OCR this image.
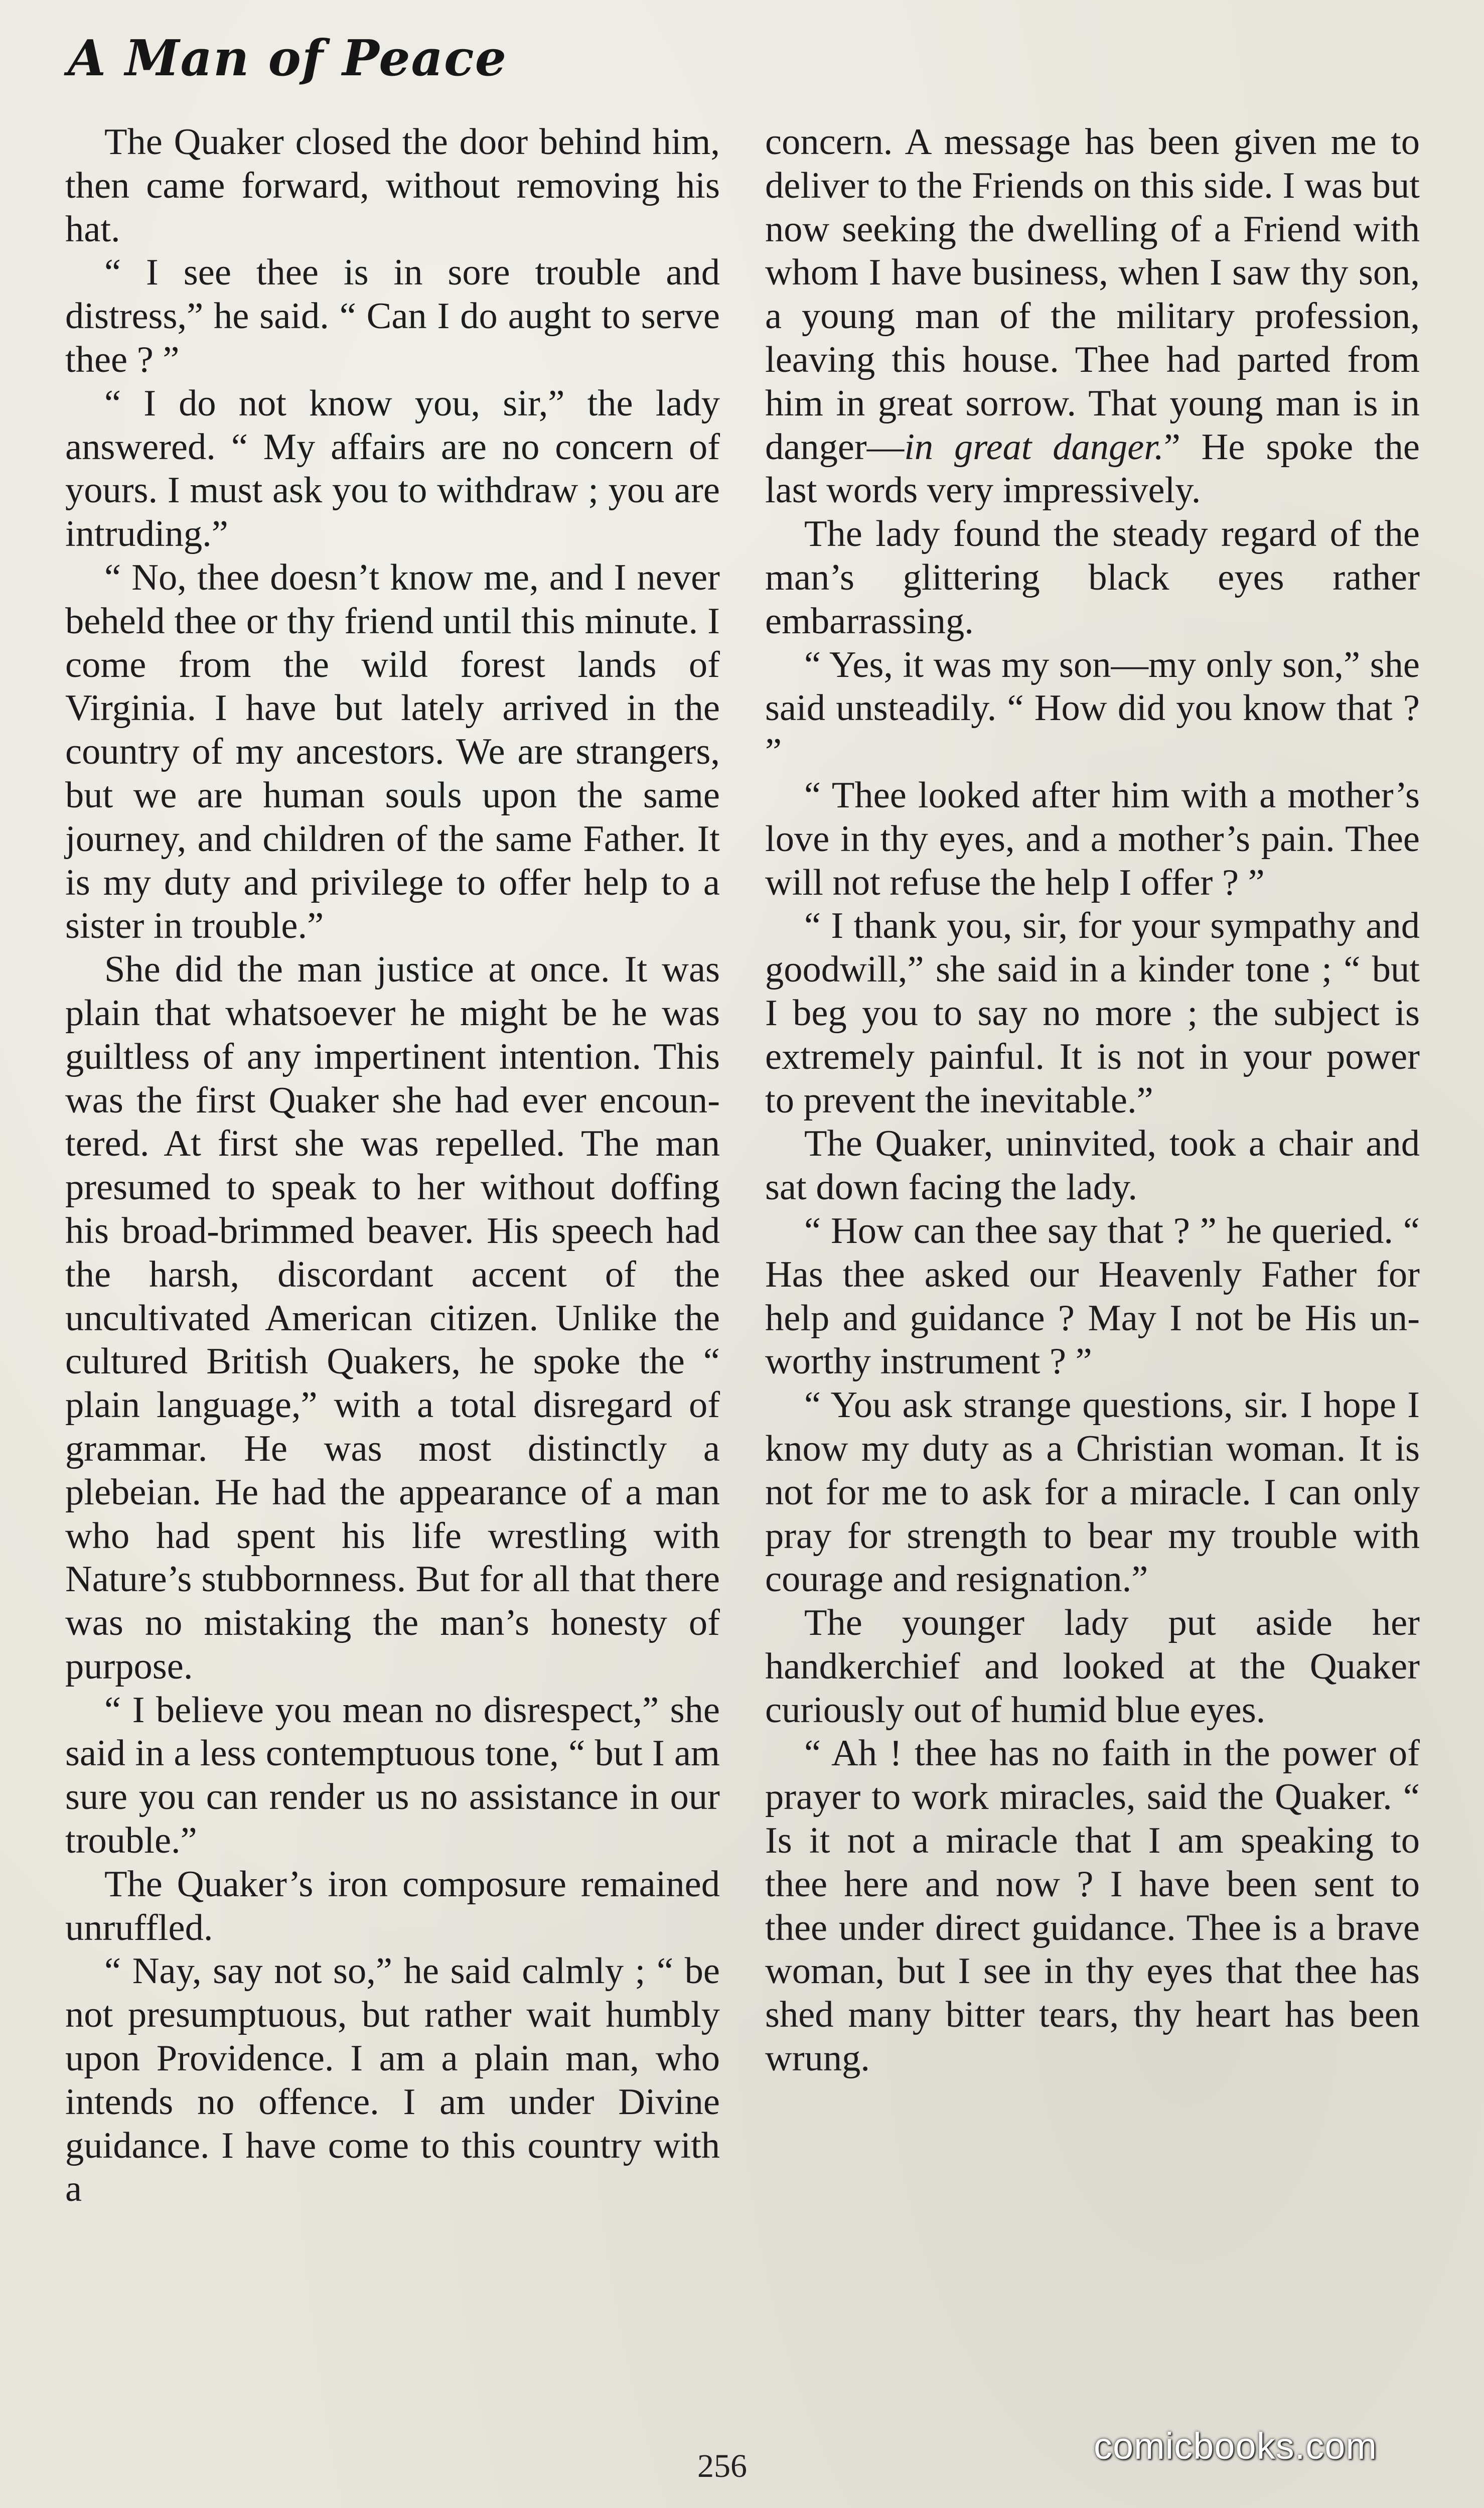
A Man of Peace

The Quaker closed the door behind him, then came forward, without removing his hat.

“ I see thee is in sore trouble and distress,” he said. “ Can I do aught to serve thee ? ”

“ I do not know you, sir,” the lady answered. “ My affairs are no concern of yours. I must ask you to withdraw ; you are intruding.”

“ No, thee doesn’t know me, and I never beheld thee or thy friend until this minute. I come from the wild forest lands of Virginia. I have but lately arrived in the country of my ancestors. We are strangers, but we are human souls upon the same journey, and children of the same Father. It is my duty and privilege to offer help to a sister in trouble.”

She did the man justice at once. It was plain that whatsoever he might be he was guiltless of any impertinent intention. This was the first Quaker she had ever encountered. At first she was repelled. The man presumed to speak to her without doffing his broad-brimmed beaver. His speech had the harsh, discordant accent of the uncultivated American citizen. Unlike the cultured British Quakers, he spoke the “ plain language,” with a total disregard of grammar. He was most distinctly a plebeian. He had the appearance of a man who had spent his life wrestling with Nature’s stubbornness. But for all that there was no mistaking the man’s honesty of purpose.

“ I believe you mean no disrespect,” she said in a less contemptuous tone, “ but I am sure you can render us no assistance in our trouble.”

The Quaker’s iron composure remained unruffled.

“ Nay, say not so,” he said calmly ; “ be not presumptuous, but rather wait humbly upon Providence. I am a plain man, who intends no offence. I am under Divine guidance. I have come to this country with a

concern. A message has been given me to deliver to the Friends on this side. I was but now seeking the dwelling of a Friend with whom I have business, when I saw thy son, a young man of the military profession, leaving this house. Thee had parted from him in great sorrow. That young man is in danger—in great danger.” He spoke the last words very impressively.

The lady found the steady regard of the man’s glittering black eyes rather embarrassing.

“ Yes, it was my son—my only son,” she said unsteadily. “ How did you know that ? ”

“ Thee looked after him with a mother’s love in thy eyes, and a mother’s pain. Thee will not refuse the help I offer ? ”

“ I thank you, sir, for your sympathy and goodwill,” she said in a kinder tone ; “ but I beg you to say no more ; the subject is extremely painful. It is not in your power to prevent the inevitable.”

The Quaker, uninvited, took a chair and sat down facing the lady.

“ How can thee say that ? ” he queried. “ Has thee asked our Heavenly Father for help and guidance ? May I not be His unworthy instrument ? ”

“ You ask strange questions, sir. I hope I know my duty as a Christian woman. It is not for me to ask for a miracle. I can only pray for strength to bear my trouble with courage and resignation.”

The younger lady put aside her handkerchief and looked at the Quaker curiously out of humid blue eyes.

“ Ah ! thee has no faith in the power of prayer to work miracles, said the Quaker. “ Is it not a miracle that I am speaking to thee here and now ? I have been sent to thee under direct guidance. Thee is a brave woman, but I see in thy eyes that thee has shed many bitter tears, thy heart has been wrung.

256	comicbooks.com
